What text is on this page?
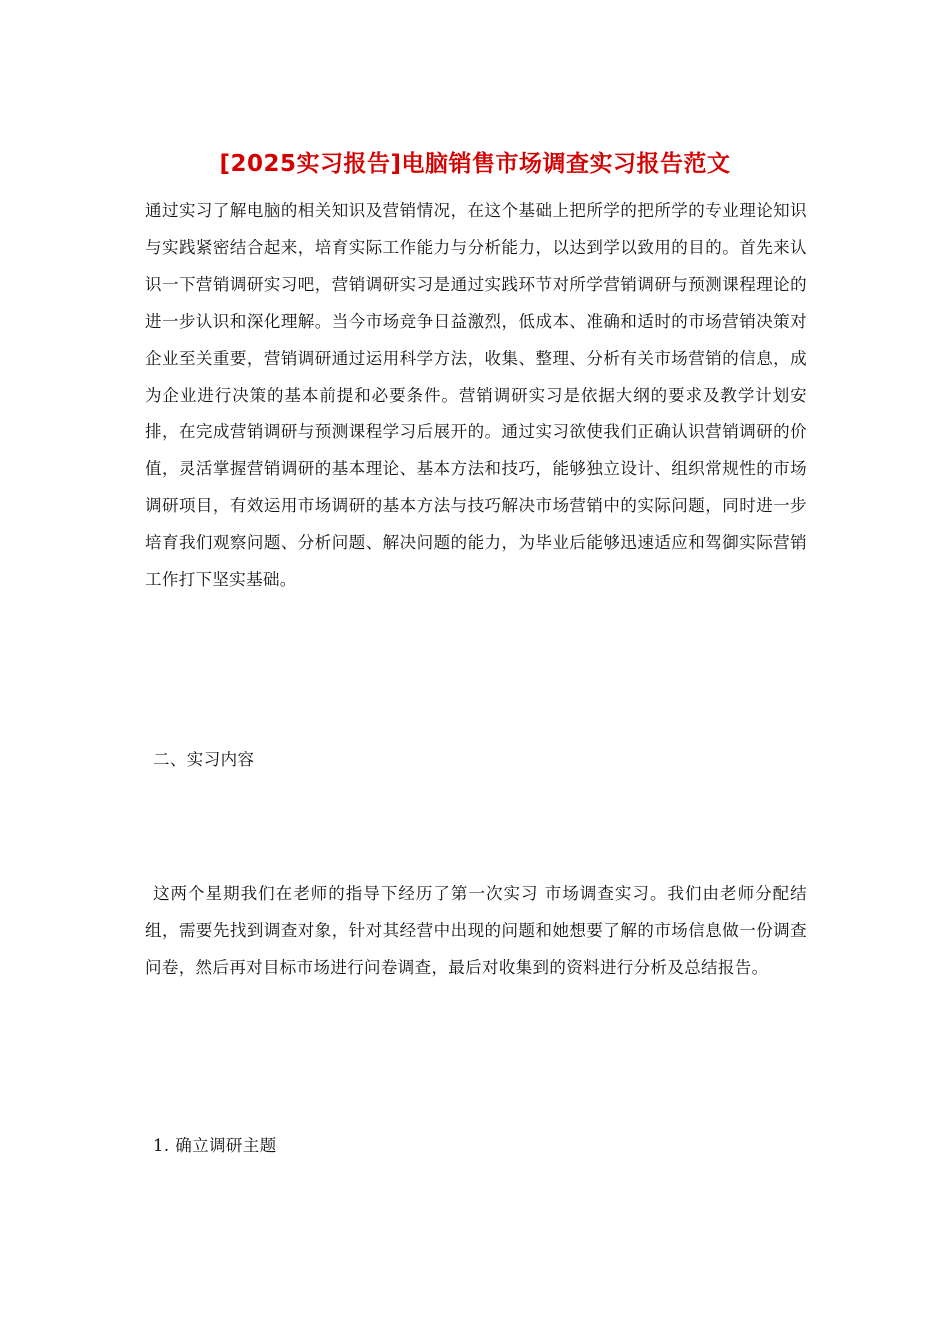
[2025实习报告]电脑销售市场调查实习报告范文

通过实习了解电脑的相关知识及营销情况，在这个基础上把所学的把所学的专业理论知识与实践紧密结合起来，培育实际工作能力与分析能力，以达到学以致用的目的。首先来认识一下营销调研实习吧，营销调研实习是通过实践环节对所学营销调研与预测课程理论的进一步认识和深化理解。当今市场竞争日益激烈，低成本、准确和适时的市场营销决策对企业至关重要，营销调研通过运用科学方法，收集、整理、分析有关市场营销的信息，成为企业进行决策的基本前提和必要条件。营销调研实习是依据大纲的要求及教学计划安排，在完成营销调研与预测课程学习后展开的。通过实习欲使我们正确认识营销调研的价值，灵活掌握营销调研的基本理论、基本方法和技巧，能够独立设计、组织常规性的市场调研项目，有效运用市场调研的基本方法与技巧解决市场营销中的实际问题，同时进一步培育我们观察问题、分析问题、解决问题的能力，为毕业后能够迅速适应和驾御实际营销工作打下坚实基础。

二、实习内容

这两个星期我们在老师的指导下经历了第一次实习 市场调查实习。我们由老师分配结组，需要先找到调查对象，针对其经营中出现的问题和她想要了解的市场信息做一份调查问卷，然后再对目标市场进行问卷调查，最后对收集到的资料进行分析及总结报告。

1. 确立调研主题
